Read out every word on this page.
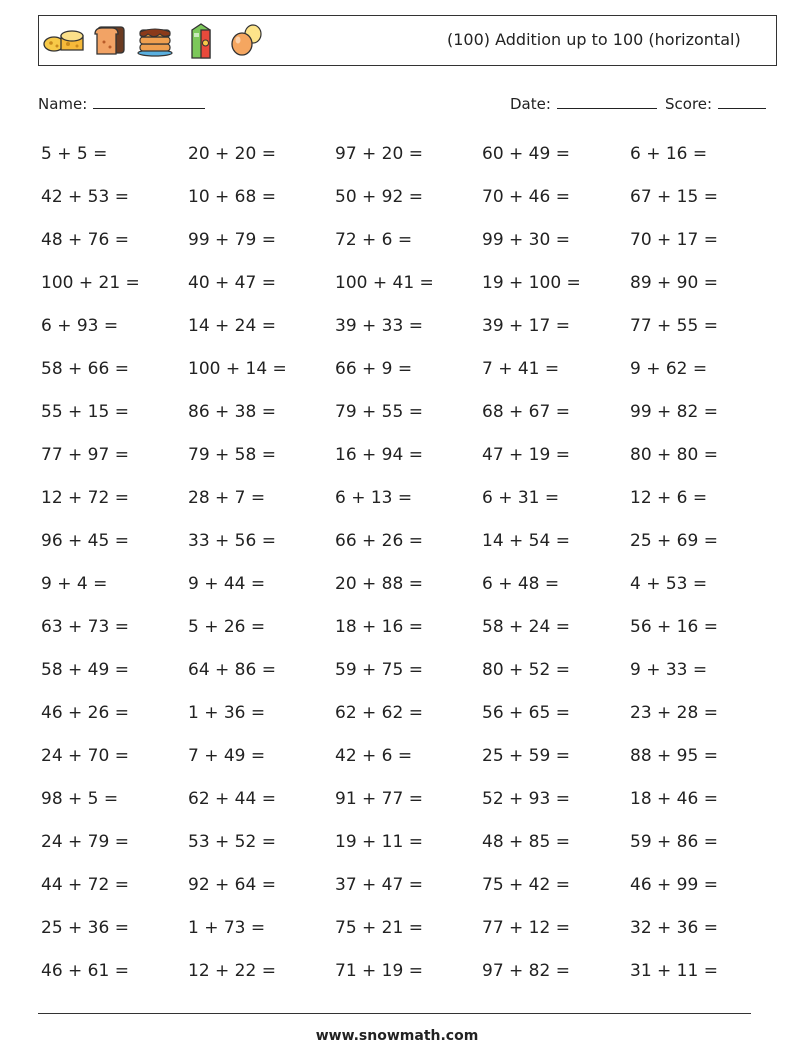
(100) Addition up to 100 (horizontal)
Name:	Date:	Score:
5 + 5 =	20 + 20 =	97 + 20 =	60 + 49 =	6 + 16 =
42 + 53 =	10 + 68 =	50 + 92 =	70 + 46 =	67 + 15 =
48 + 76 =	99 + 79 =	72 + 6 =	99 + 30 =	70 + 17 =
100 + 21 =	40 + 47 =	100 + 41 =	19 + 100 =	89 + 90 =
6 + 93 =	14 + 24 =	39 + 33 =	39 + 17 =	77 + 55 =
58 + 66 =	100 + 14 =	66 + 9 =	7 + 41 =	9 + 62 =
55 + 15 =	86 + 38 =	79 + 55 =	68 + 67 =	99 + 82 =
77 + 97 =	79 + 58 =	16 + 94 =	47 + 19 =	80 + 80 =
12 + 72 =	28 + 7 =	6 + 13 =	6 + 31 =	12 + 6 =
96 + 45 =	33 + 56 =	66 + 26 =	14 + 54 =	25 + 69 =
9 + 4 =	9 + 44 =	20 + 88 =	6 + 48 =	4 + 53 =
63 + 73 =	5 + 26 =	18 + 16 =	58 + 24 =	56 + 16 =
58 + 49 =	64 + 86 =	59 + 75 =	80 + 52 =	9 + 33 =
46 + 26 =	1 + 36 =	62 + 62 =	56 + 65 =	23 + 28 =
24 + 70 =	7 + 49 =	42 + 6 =	25 + 59 =	88 + 95 =
98 + 5 =	62 + 44 =	91 + 77 =	52 + 93 =	18 + 46 =
24 + 79 =	53 + 52 =	19 + 11 =	48 + 85 =	59 + 86 =
44 + 72 =	92 + 64 =	37 + 47 =	75 + 42 =	46 + 99 =
25 + 36 =	1 + 73 =	75 + 21 =	77 + 12 =	32 + 36 =
46 + 61 =	12 + 22 =	71 + 19 =	97 + 82 =	31 + 11 =
www.snowmath.com
